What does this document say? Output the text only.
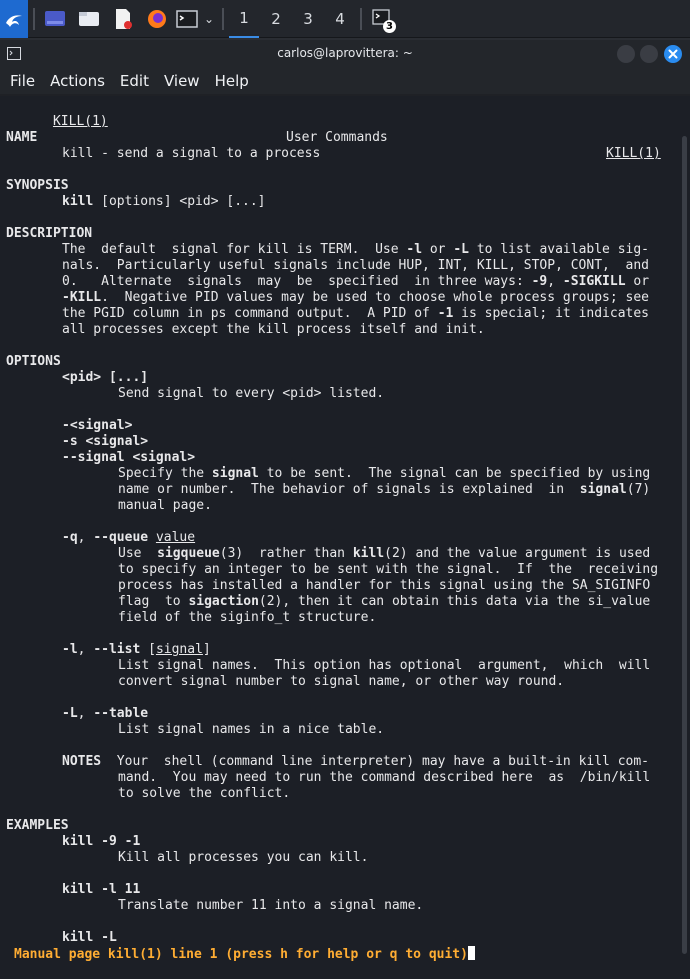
⌄	1	2	3	4	3
carlos@laprovittera: ~
File	Actions	Edit	View	Help

KILL(1)

User Commands

KILL(1)

NAME
kill - send a signal to a process
SYNOPSIS
kill [options] <pid> [...]
DESCRIPTION
The  default  signal for kill is TERM.  Use -l or -L to list available sig-
nals.  Particularly useful signals include HUP, INT, KILL, STOP, CONT,  and
0.   Alternate  signals  may  be  specified  in three ways: -9, -SIGKILL or
-KILL.  Negative PID values may be used to choose whole process groups; see
the PGID column in ps command output.  A PID of -1 is special; it indicates
all processes except the kill process itself and init.
OPTIONS
<pid> [...]
Send signal to every <pid> listed.
-<signal>
-s <signal>
--signal <signal>
Specify the signal to be sent.  The signal can be specified by using
name or number.  The behavior of signals is explained  in  signal(7)
manual page.
-q, --queue value
Use  sigqueue(3)  rather than kill(2) and the value argument is used
to specify an integer to be sent with the signal.  If  the  receiving
process has installed a handler for this signal using the SA_SIGINFO
flag  to sigaction(2), then it can obtain this data via the si_value
field of the siginfo_t structure.
-l, --list [signal]
List signal names.  This option has optional  argument,  which  will
convert signal number to signal name, or other way round.
-L, --table
List signal names in a nice table.
NOTES  Your  shell (command line interpreter) may have a built-in kill com-
mand.  You may need to run the command described here  as  /bin/kill
to solve the conflict.
EXAMPLES
kill -9 -1
Kill all processes you can kill.
kill -l 11
Translate number 11 into a signal name.
kill -L
Manual page kill(1) line 1 (press h for help or q to quit)
